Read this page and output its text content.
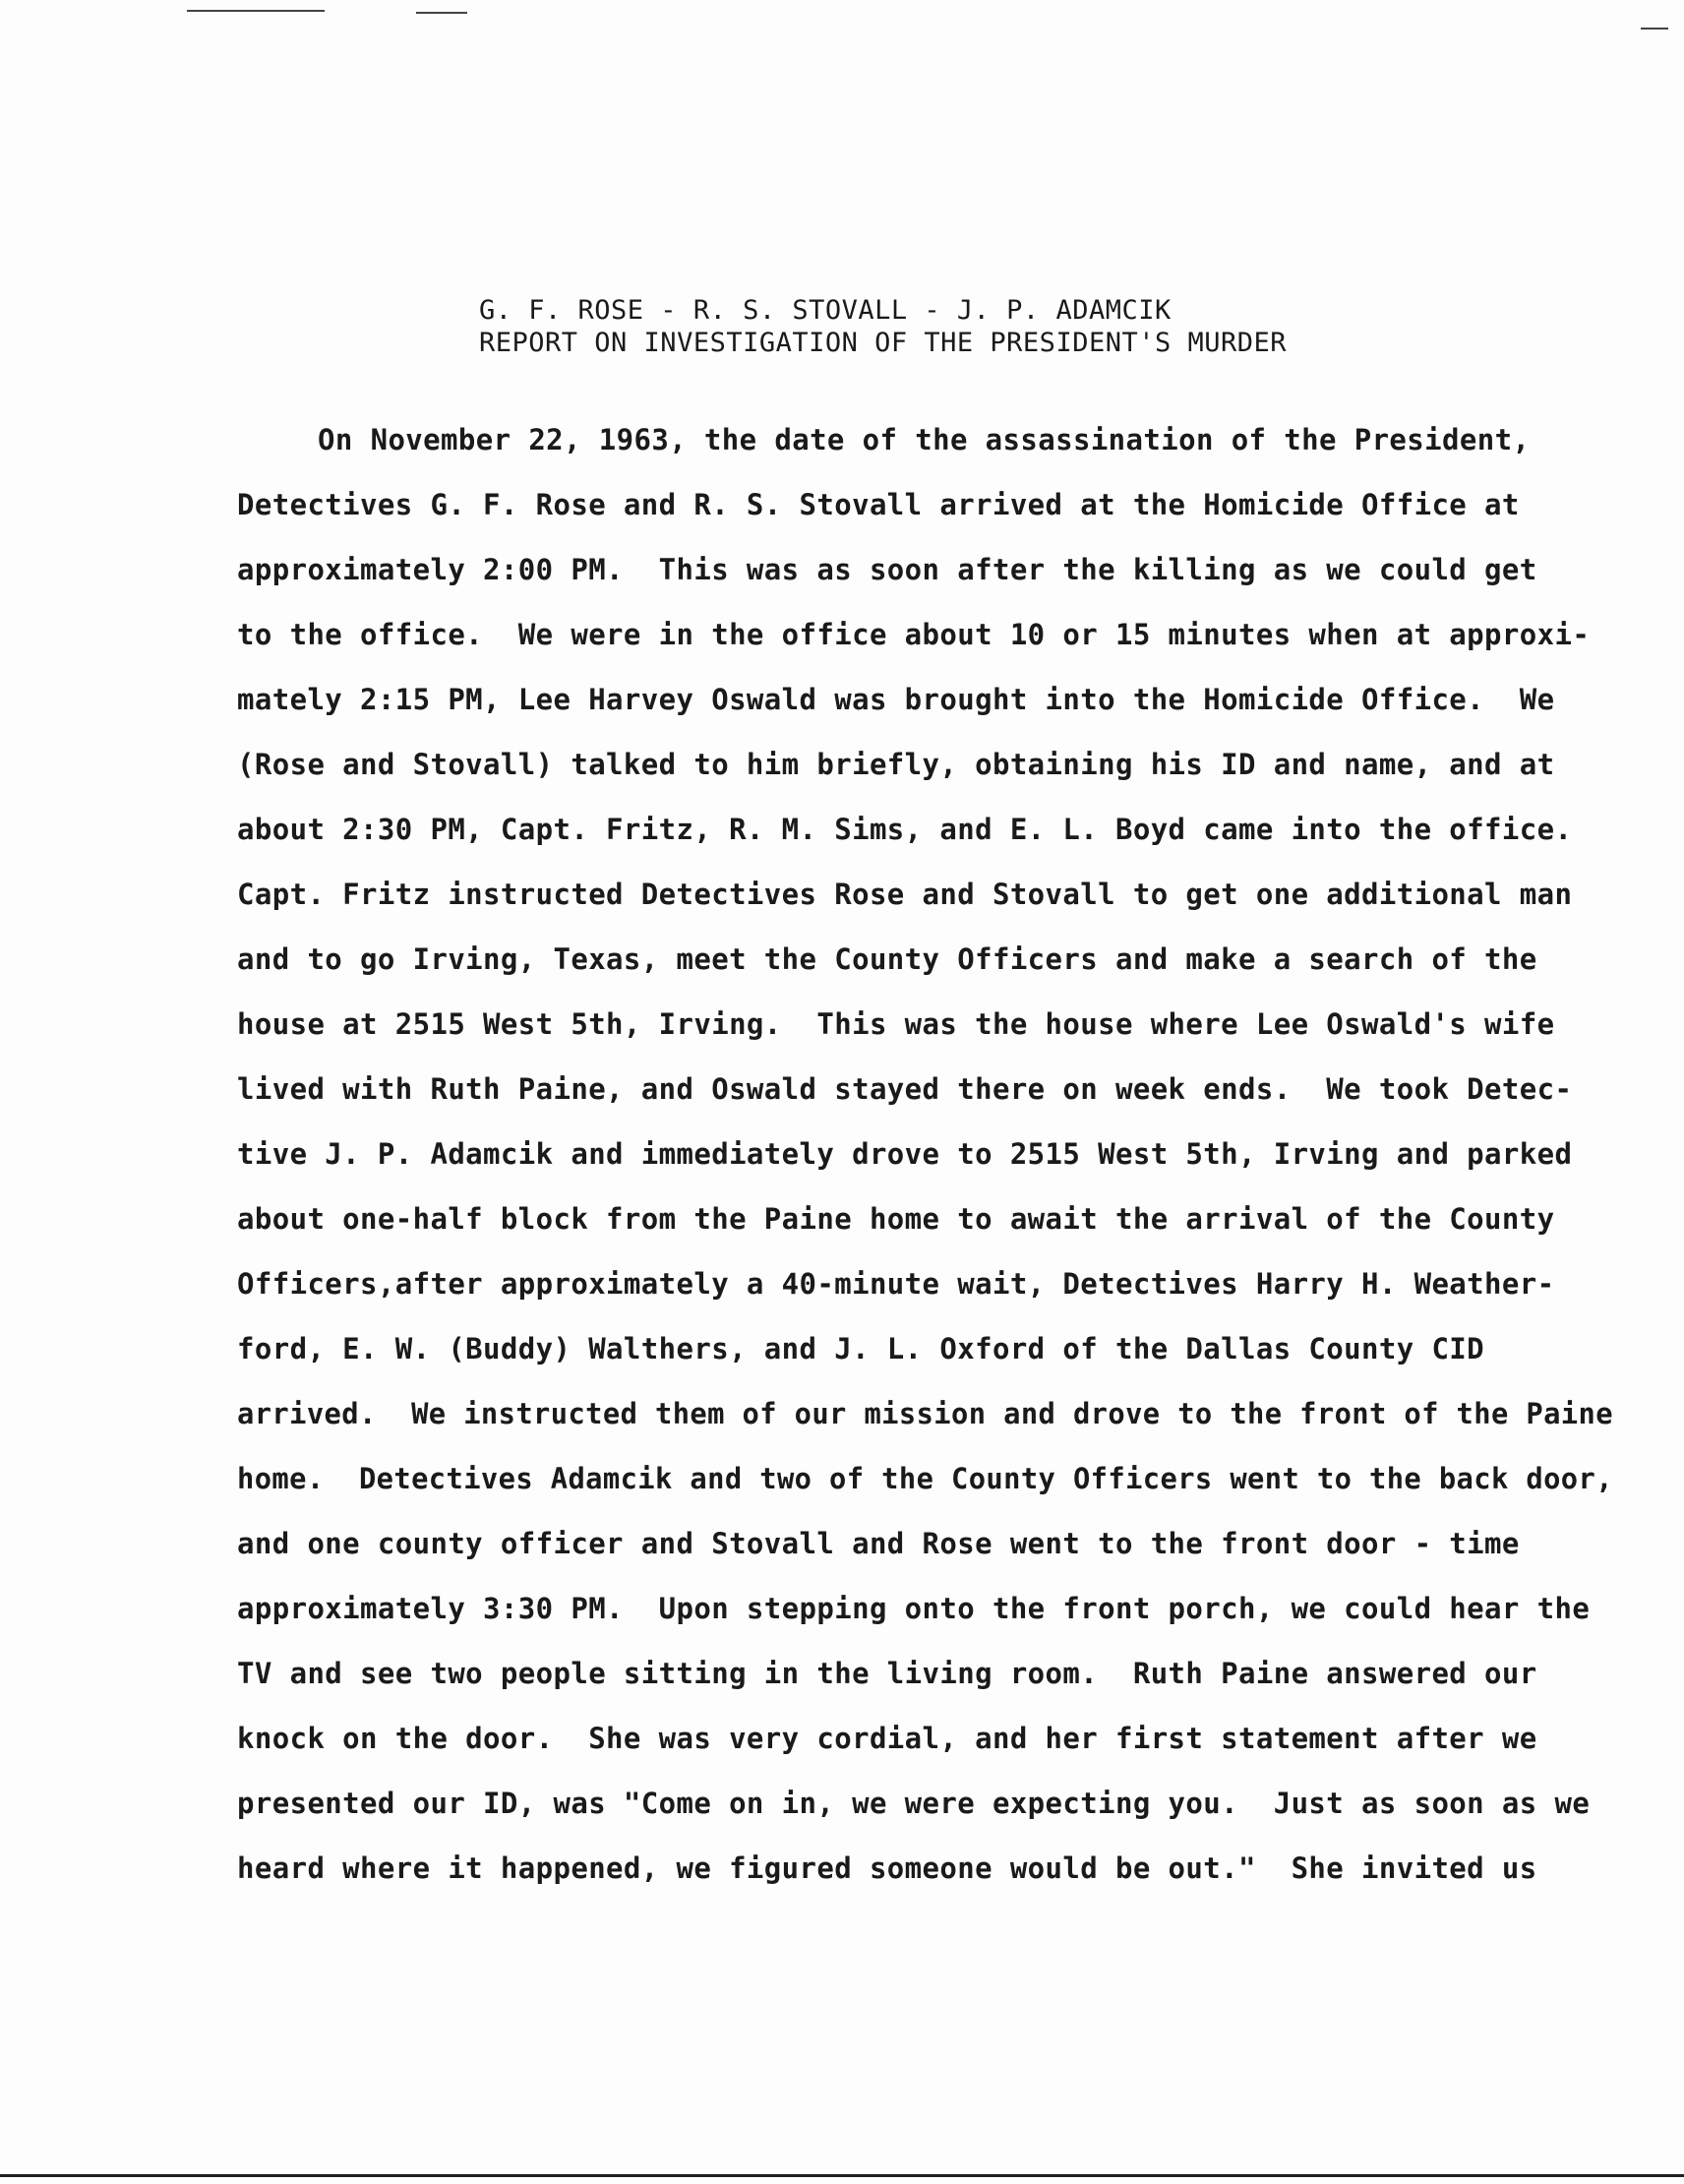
G. F. ROSE - R. S. STOVALL - J. P. ADAMCIK
REPORT ON INVESTIGATION OF THE PRESIDENT'S MURDER
On November 22, 1963, the date of the assassination of the President,
Detectives G. F. Rose and R. S. Stovall arrived at the Homicide Office at
approximately 2:00 PM.  This was as soon after the killing as we could get
to the office.  We were in the office about 10 or 15 minutes when at approxi-
mately 2:15 PM, Lee Harvey Oswald was brought into the Homicide Office.  We
(Rose and Stovall) talked to him briefly, obtaining his ID and name, and at
about 2:30 PM, Capt. Fritz, R. M. Sims, and E. L. Boyd came into the office.
Capt. Fritz instructed Detectives Rose and Stovall to get one additional man
and to go Irving, Texas, meet the County Officers and make a search of the
house at 2515 West 5th, Irving.  This was the house where Lee Oswald's wife
lived with Ruth Paine, and Oswald stayed there on week ends.  We took Detec-
tive J. P. Adamcik and immediately drove to 2515 West 5th, Irving and parked
about one-half block from the Paine home to await the arrival of the County
Officers,after approximately a 40-minute wait, Detectives Harry H. Weather-
ford, E. W. (Buddy) Walthers, and J. L. Oxford of the Dallas County CID
arrived.  We instructed them of our mission and drove to the front of the Paine
home.  Detectives Adamcik and two of the County Officers went to the back door,
and one county officer and Stovall and Rose went to the front door - time
approximately 3:30 PM.  Upon stepping onto the front porch, we could hear the
TV and see two people sitting in the living room.  Ruth Paine answered our
knock on the door.  She was very cordial, and her first statement after we
presented our ID, was "Come on in, we were expecting you.  Just as soon as we
heard where it happened, we figured someone would be out."  She invited us
